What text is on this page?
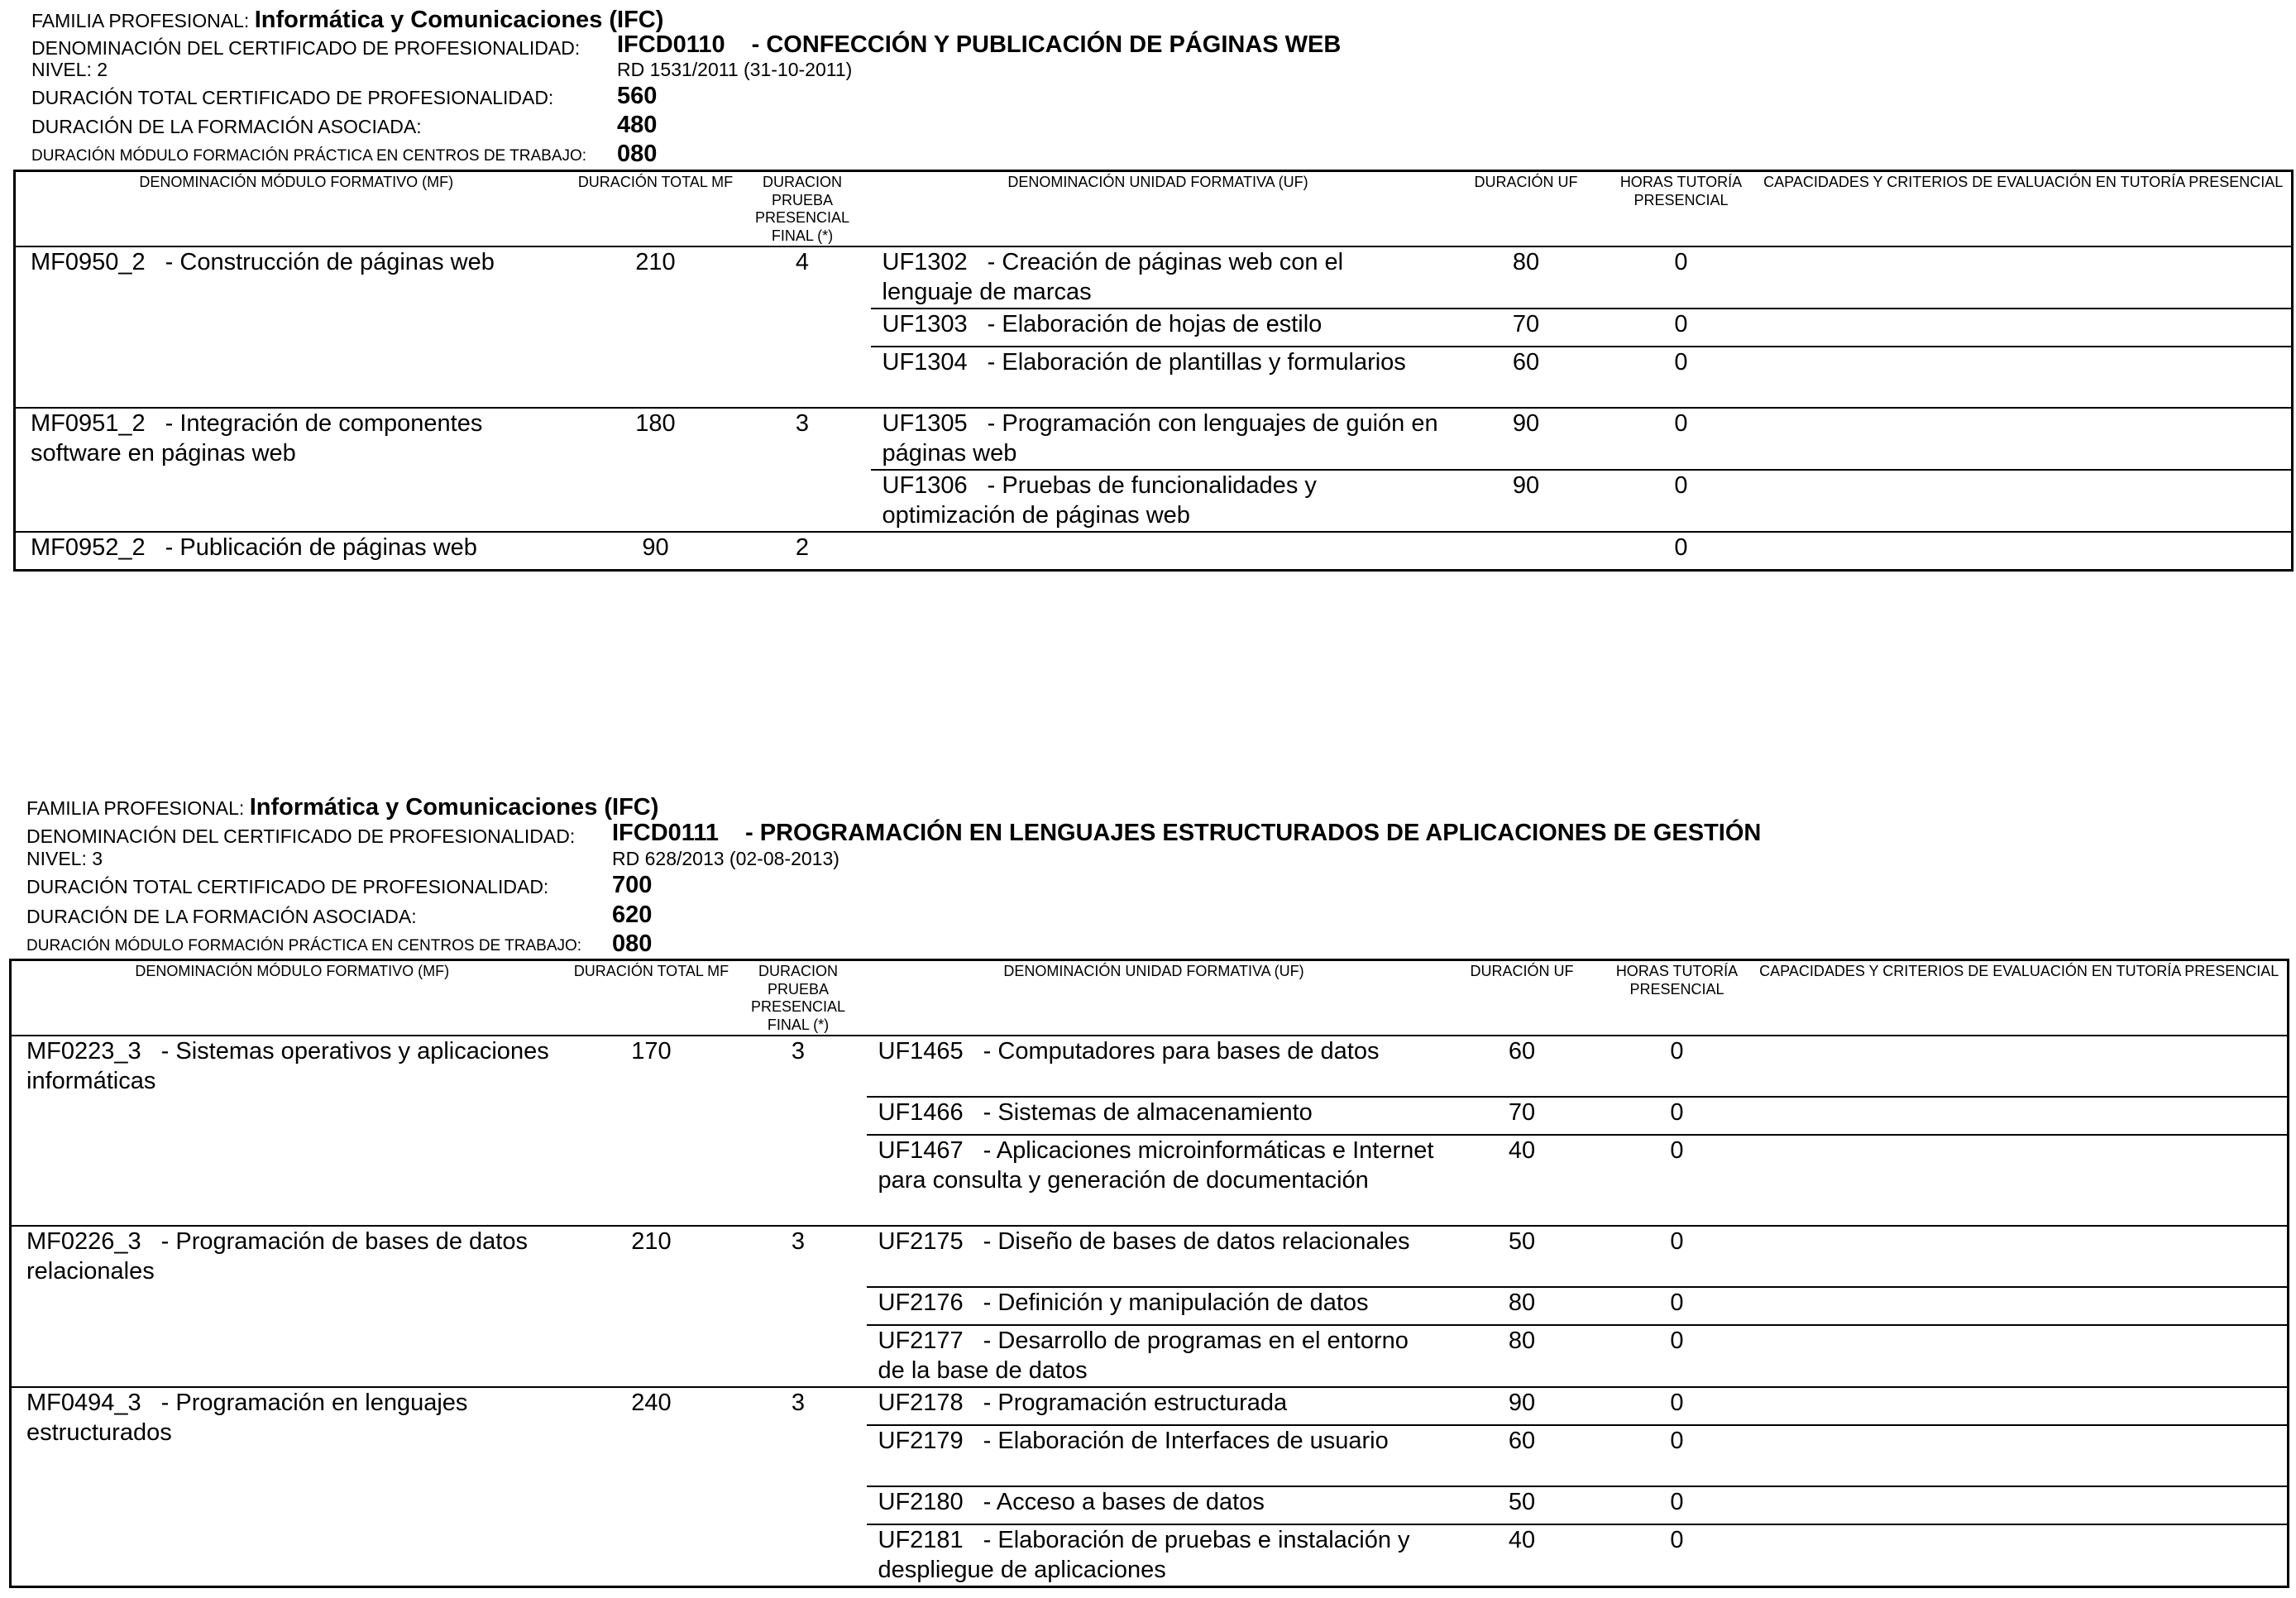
FAMILIA PROFESIONAL: Informática y Comunicaciones (IFC)
DENOMINACIÓN DEL CERTIFICADO DE PROFESIONALIDAD: IFCD0110 - CONFECCIÓN Y PUBLICACIÓN DE PÁGINAS WEB
NIVEL: 2	RD 1531/2011 (31-10-2011)
DURACIÓN TOTAL CERTIFICADO DE PROFESIONALIDAD:	560
DURACIÓN DE LA FORMACIÓN ASOCIADA:	480
DURACIÓN MÓDULO FORMACIÓN PRÁCTICA EN CENTROS DE TRABAJO: 080
DENOMINACIÓN MÓDULO FORMATIVO (MF)	DURACIÓN TOTAL MF	DURACION PRUEBA PRESENCIAL FINAL (*)	DENOMINACIÓN UNIDAD FORMATIVA (UF)	DURACIÓN UF	HORAS TUTORÍA PRESENCIAL	CAPACIDADES Y CRITERIOS DE EVALUACIÓN EN TUTORÍA PRESENCIAL
MF0950_2 - Construcción de páginas web	210	4	UF1302 - Creación de páginas web con el lenguaje de marcas	80	0	
			UF1303 - Elaboración de hojas de estilo	70	0	
			UF1304 - Elaboración de plantillas y formularios	60	0	
MF0951_2 - Integración de componentes software en páginas web	180	3	UF1305 - Programación con lenguajes de guión en páginas web	90	0	
			UF1306 - Pruebas de funcionalidades y optimización de páginas web	90	0	
MF0952_2 - Publicación de páginas web	90	2			0	
FAMILIA PROFESIONAL: Informática y Comunicaciones (IFC)
DENOMINACIÓN DEL CERTIFICADO DE PROFESIONALIDAD: IFCD0111 - PROGRAMACIÓN EN LENGUAJES ESTRUCTURADOS DE APLICACIONES DE GESTIÓN
NIVEL: 3	RD 628/2013 (02-08-2013)
DURACIÓN TOTAL CERTIFICADO DE PROFESIONALIDAD:	700
DURACIÓN DE LA FORMACIÓN ASOCIADA:	620
DURACIÓN MÓDULO FORMACIÓN PRÁCTICA EN CENTROS DE TRABAJO: 080
DENOMINACIÓN MÓDULO FORMATIVO (MF)	DURACIÓN TOTAL MF	DURACION PRUEBA PRESENCIAL FINAL (*)	DENOMINACIÓN UNIDAD FORMATIVA (UF)	DURACIÓN UF	HORAS TUTORÍA PRESENCIAL	CAPACIDADES Y CRITERIOS DE EVALUACIÓN EN TUTORÍA PRESENCIAL
MF0223_3 - Sistemas operativos y aplicaciones informáticas	170	3	UF1465 - Computadores para bases de datos	60	0	
			UF1466 - Sistemas de almacenamiento	70	0	
			UF1467 - Aplicaciones microinformáticas e Internet para consulta y generación de documentación	40	0	
MF0226_3 - Programación de bases de datos relacionales	210	3	UF2175 - Diseño de bases de datos relacionales	50	0	
			UF2176 - Definición y manipulación de datos	80	0	
			UF2177 - Desarrollo de programas en el entorno de la base de datos	80	0	
MF0494_3 - Programación en lenguajes estructurados	240	3	UF2178 - Programación estructurada	90	0	
			UF2179 - Elaboración de Interfaces de usuario	60	0	
			UF2180 - Acceso a bases de datos	50	0	
			UF2181 - Elaboración de pruebas e instalación y despliegue de aplicaciones	40	0	
